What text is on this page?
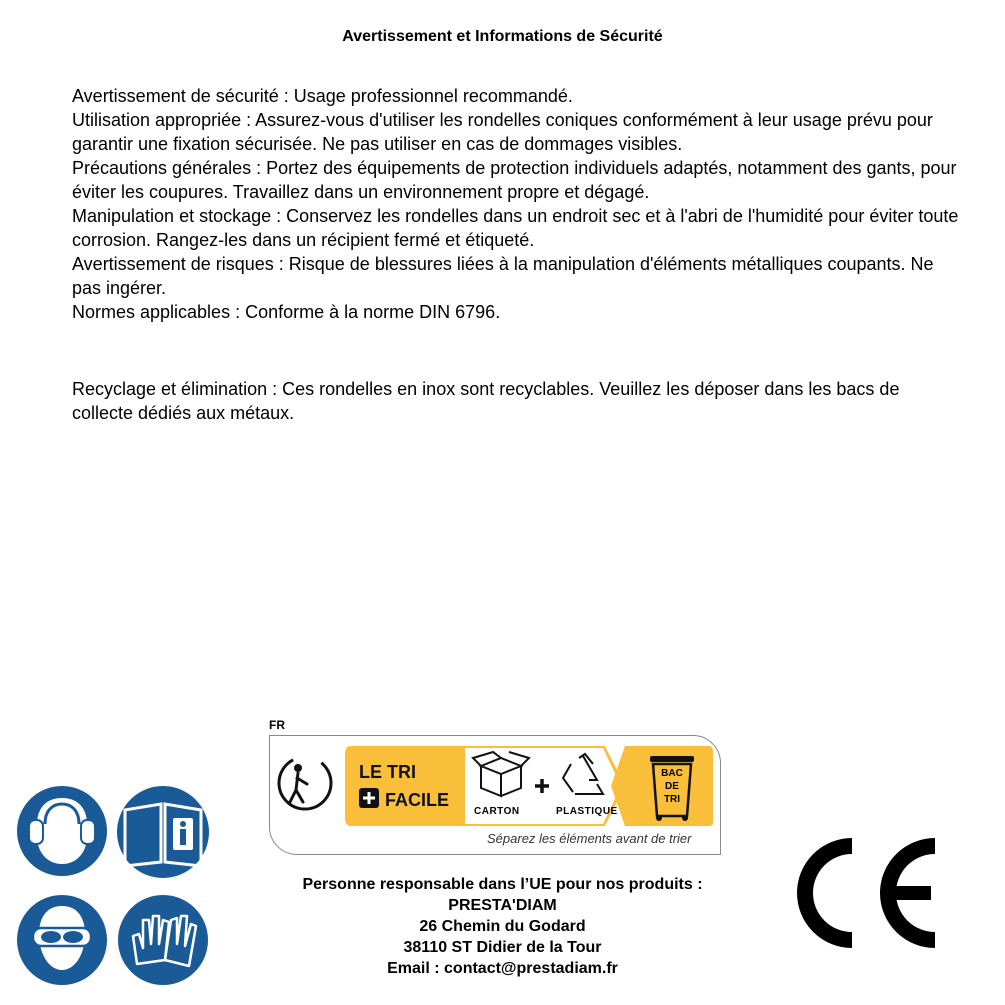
Avertissement et Informations de Sécurité

Avertissement de sécurité : Usage professionnel recommandé.

Utilisation appropriée : Assurez-vous d'utiliser les rondelles coniques conformément à leur usage prévu pour garantir une fixation sécurisée. Ne pas utiliser en cas de dommages visibles.

Précautions générales : Portez des équipements de protection individuels adaptés, notamment des gants, pour éviter les coupures. Travaillez dans un environnement propre et dégagé.

Manipulation et stockage : Conservez les rondelles dans un endroit sec et à l'abri de l'humidité pour éviter toute corrosion. Rangez-les dans un récipient fermé et étiqueté.

Avertissement de risques : Risque de blessures liées à la manipulation d'éléments métalliques coupants. Ne pas ingérer.

Normes applicables : Conforme à la norme DIN 6796.

Recyclage et élimination : Ces rondelles en inox sont recyclables. Veuillez les déposer dans les bacs de collecte dédiés aux métaux.

FR
LE TRI
FACILE
CARTON	PLASTIQUE
BAC
DE
TRI
Séparez les éléments avant de trier

Personne responsable dans l’UE pour nos produits :

PRESTA'DIAM

26 Chemin du Godard

38110 ST Didier de la Tour

Email : contact@prestadiam.fr
